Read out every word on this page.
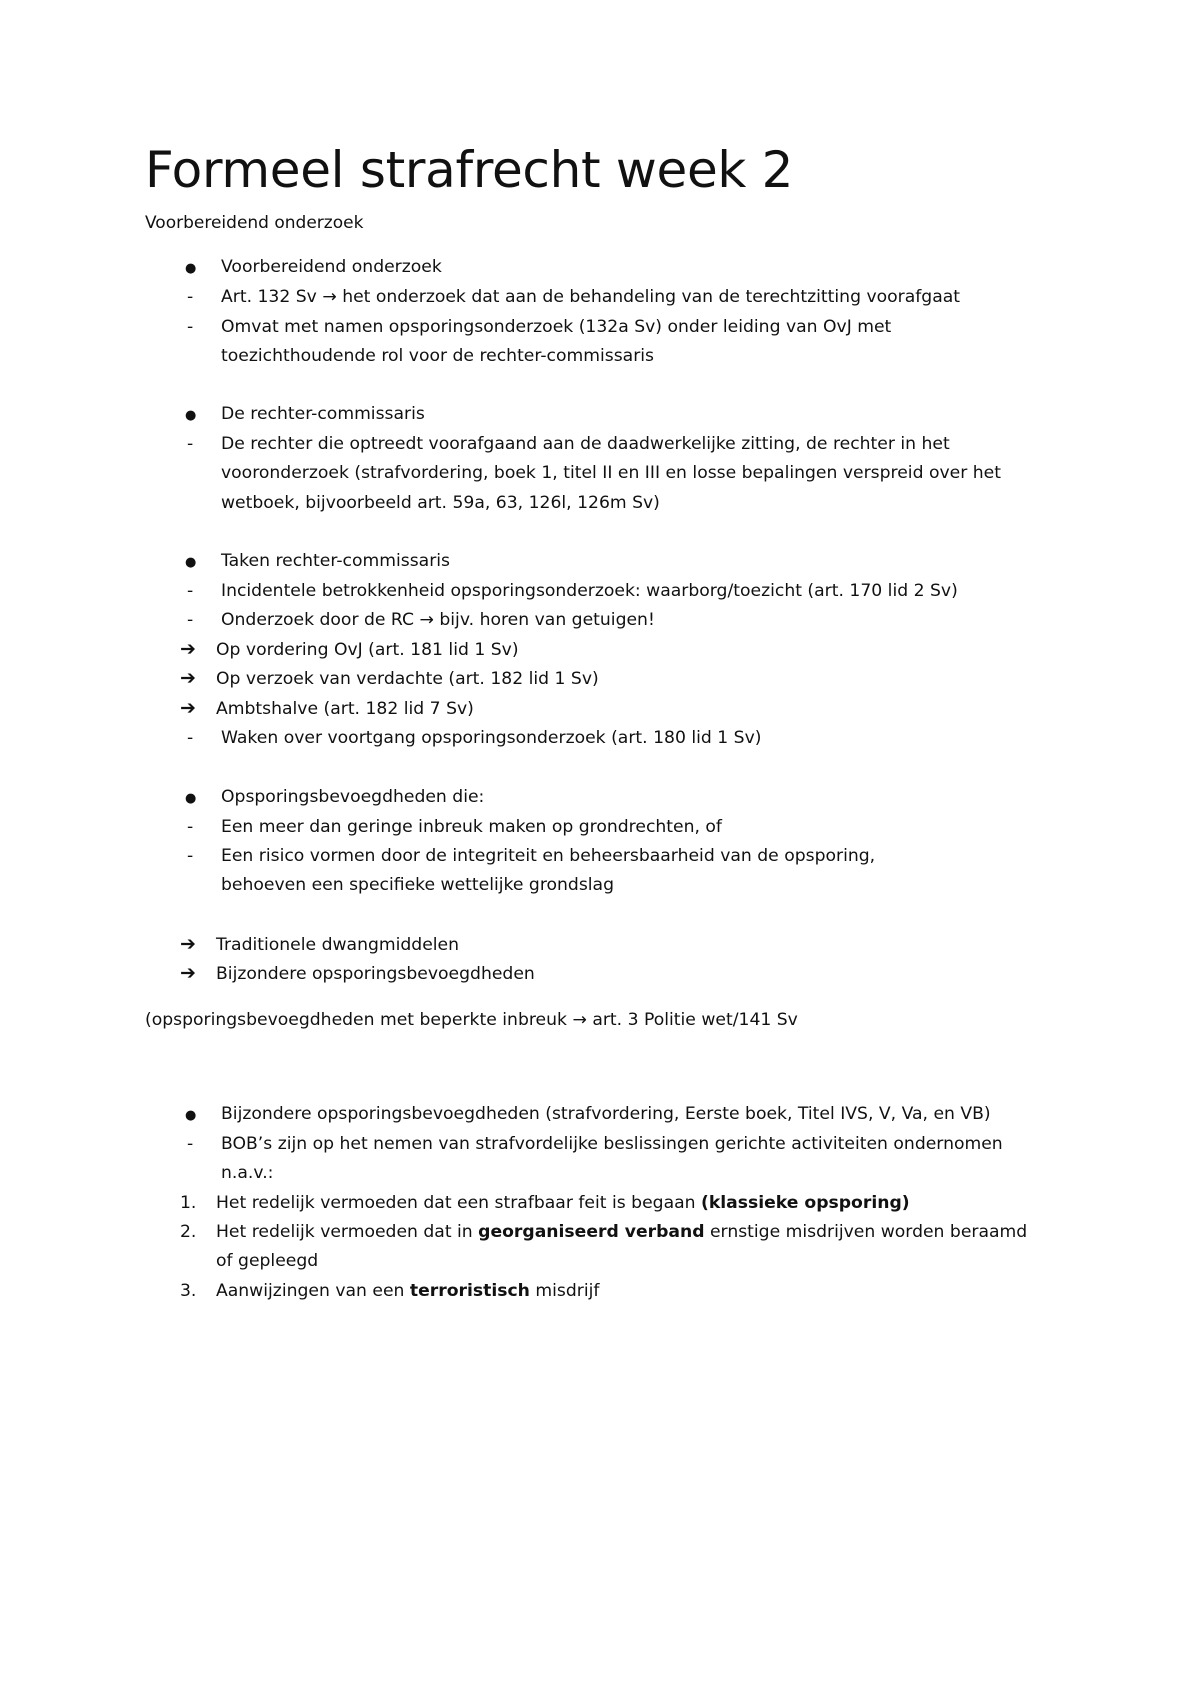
Formeel strafrecht week 2
Voorbereidend onderzoek
● Voorbereidend onderzoek
- Art. 132 Sv → het onderzoek dat aan de behandeling van de terechtzitting voorafgaat
- Omvat met namen opsporingsonderzoek (132a Sv) onder leiding van OvJ met
toezichthoudende rol voor de rechter-commissaris
● De rechter-commissaris
- De rechter die optreedt voorafgaand aan de daadwerkelijke zitting, de rechter in het
vooronderzoek (strafvordering, boek 1, titel II en III en losse bepalingen verspreid over het
wetboek, bijvoorbeeld art. 59a, 63, 126l, 126m Sv)
● Taken rechter-commissaris
- Incidentele betrokkenheid opsporingsonderzoek: waarborg/toezicht (art. 170 lid 2 Sv)
- Onderzoek door de RC → bijv. horen van getuigen!
➔ Op vordering OvJ (art. 181 lid 1 Sv)
➔ Op verzoek van verdachte (art. 182 lid 1 Sv)
➔ Ambtshalve (art. 182 lid 7 Sv)
- Waken over voortgang opsporingsonderzoek (art. 180 lid 1 Sv)
● Opsporingsbevoegdheden die:
- Een meer dan geringe inbreuk maken op grondrechten, of
- Een risico vormen door de integriteit en beheersbaarheid van de opsporing,
behoeven een specifieke wettelijke grondslag
➔ Traditionele dwangmiddelen
➔ Bijzondere opsporingsbevoegdheden
(opsporingsbevoegdheden met beperkte inbreuk → art. 3 Politie wet/141 Sv
● Bijzondere opsporingsbevoegdheden (strafvordering, Eerste boek, Titel IVS, V, Va, en VB)
- BOB’s zijn op het nemen van strafvordelijke beslissingen gerichte activiteiten ondernomen
n.a.v.:
1. Het redelijk vermoeden dat een strafbaar feit is begaan (klassieke opsporing)
2. Het redelijk vermoeden dat in georganiseerd verband ernstige misdrijven worden beraamd
of gepleegd
3. Aanwijzingen van een terroristisch misdrijf
